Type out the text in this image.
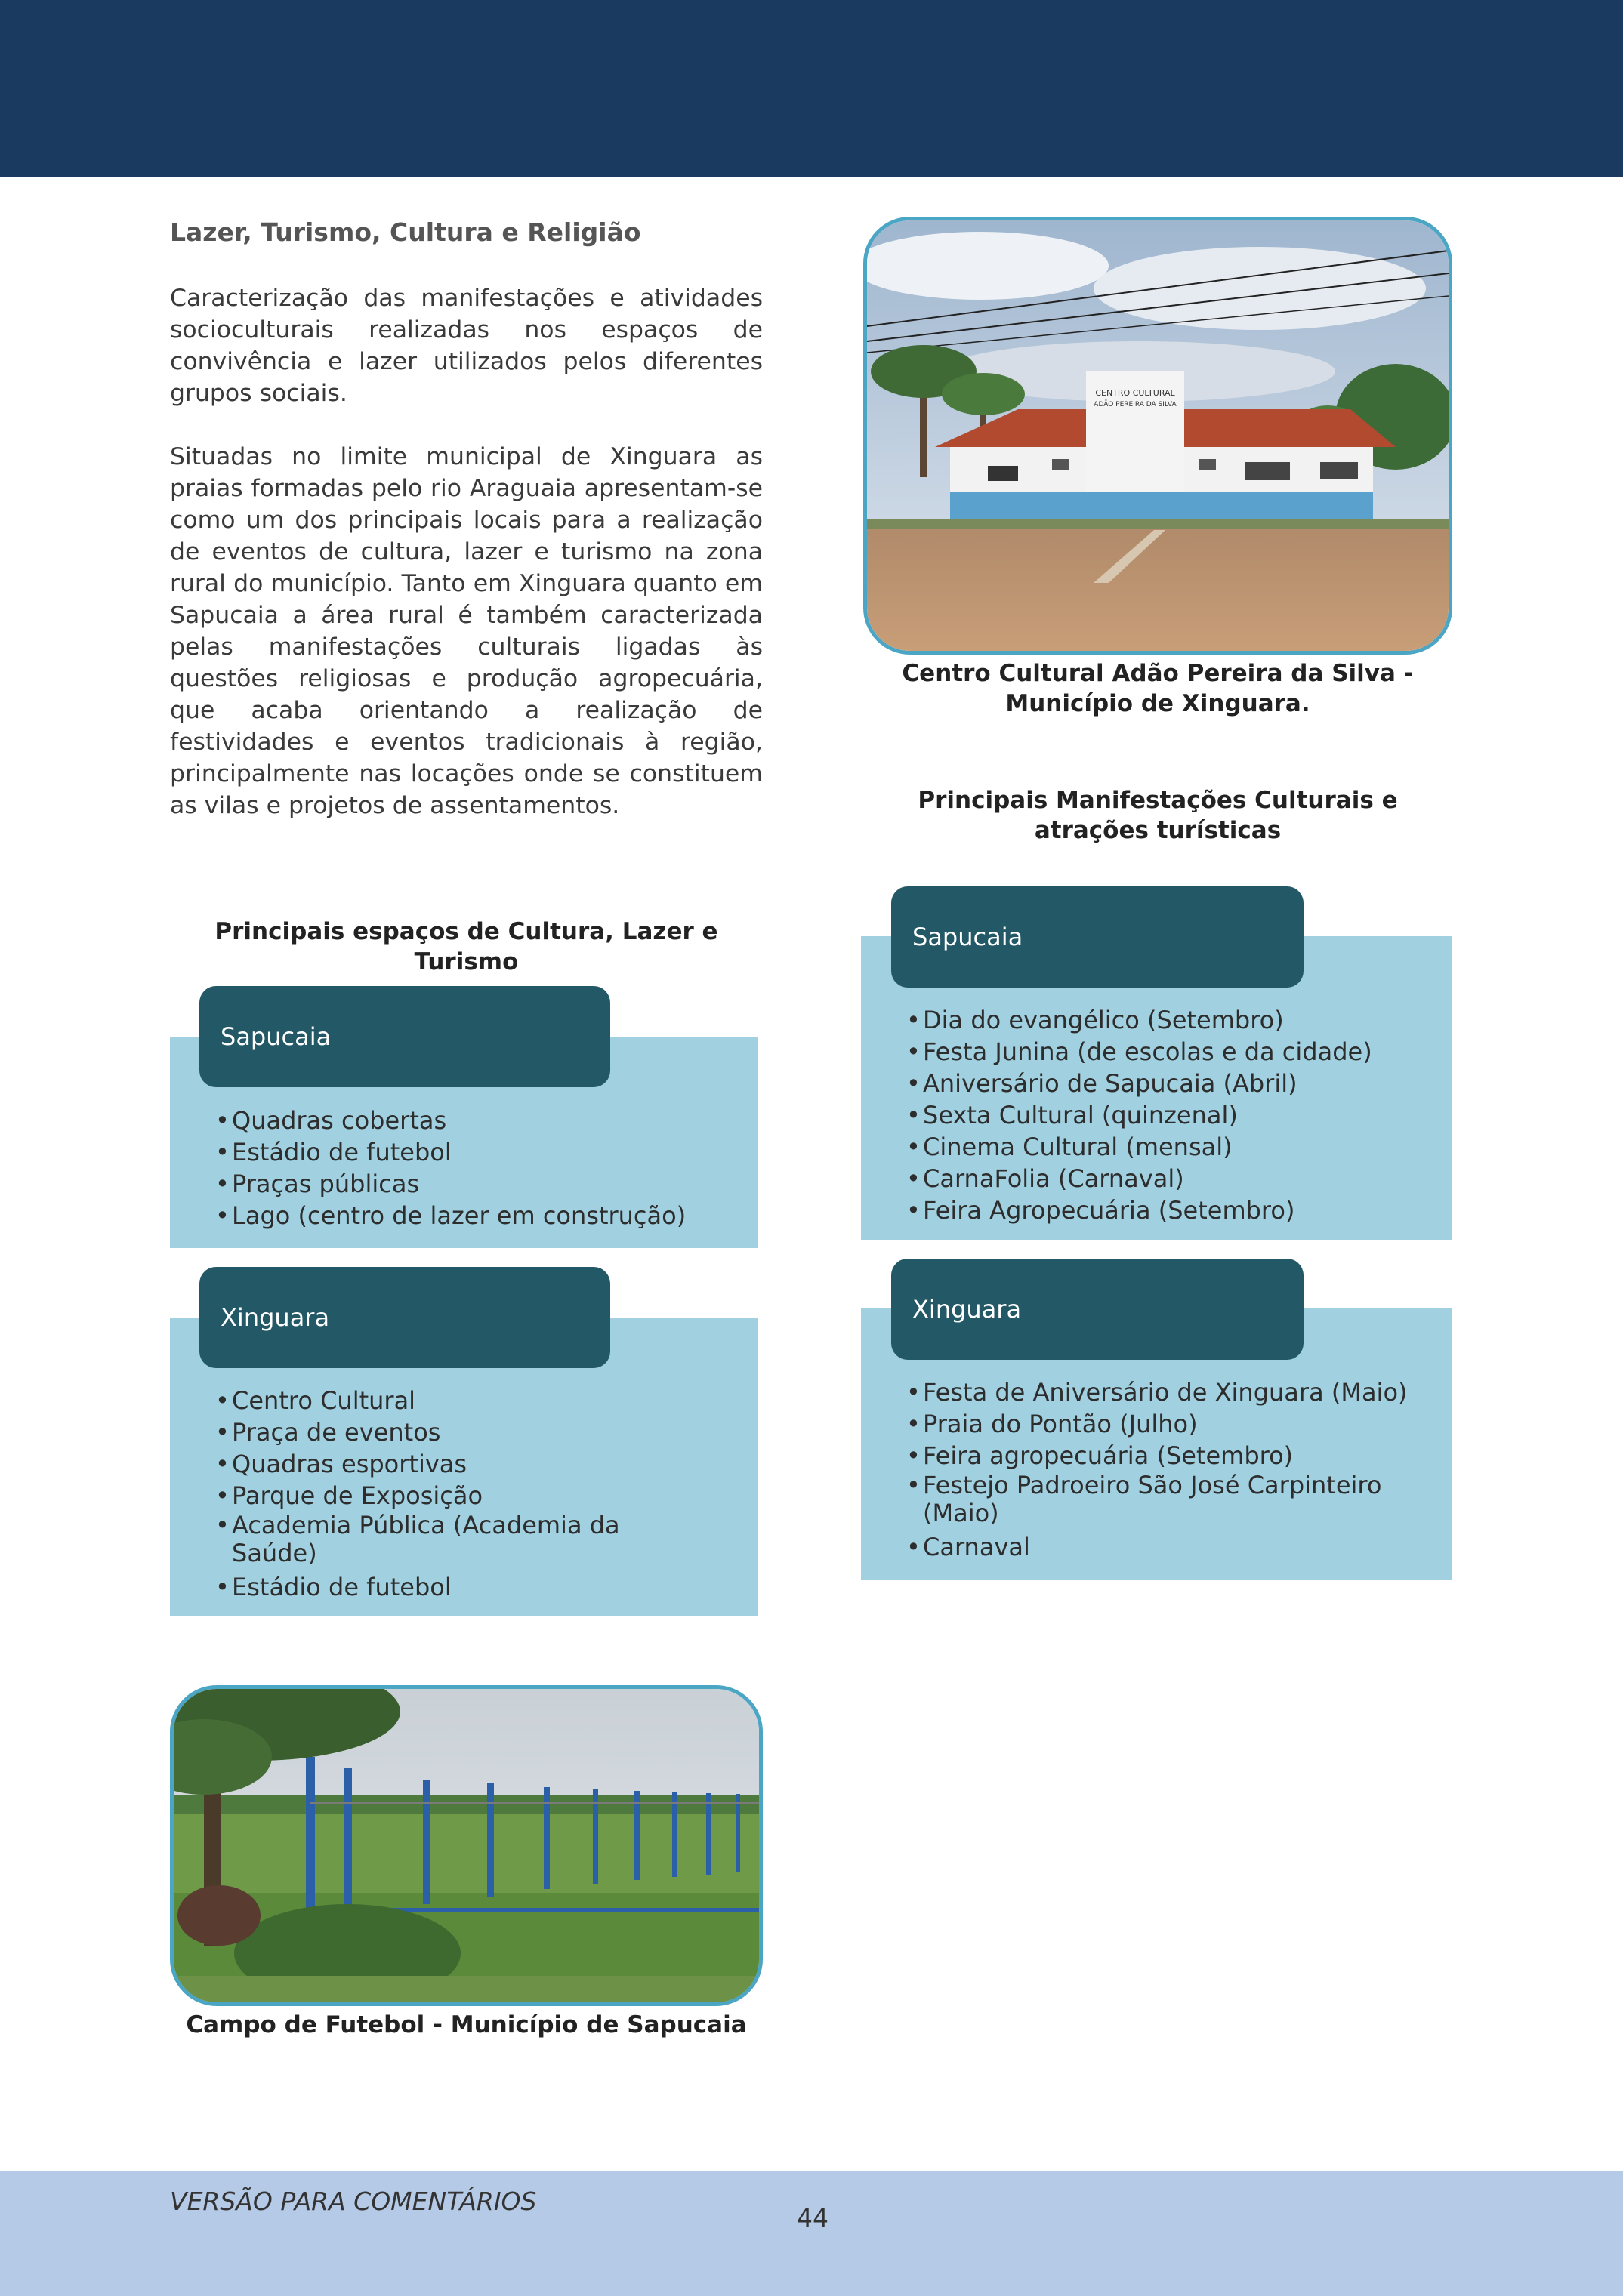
Lazer, Turismo, Cultura e Religião
Caracterização das manifestações e atividades socioculturais realizadas nos espaços de convivência e lazer utilizados pelos diferentes grupos sociais.
Situadas no limite municipal de Xinguara as praias formadas pelo rio Araguaia apresentam-se como um dos principais locais para a realização de eventos de cultura, lazer e turismo na zona rural do município. Tanto em Xinguara quanto em Sapucaia a área rural é também caracterizada pelas manifestações culturais ligadas às questões religiosas e produção agropecuária, que acaba orientando a realização de festividades e eventos tradicionais à região, principalmente nas locações onde se constituem as vilas e projetos de assentamentos.
CENTRO CULTURAL
ADÃO PEREIRA DA SILVA
Centro Cultural Adão Pereira da Silva - Município de Xinguara.
Principais Manifestações Culturais e atrações turísticas
Principais espaços de Cultura, Lazer e Turismo
Sapucaia
• Quadras cobertas
• Estádio de futebol
• Praças públicas
• Lago (centro de lazer em construção)
Xinguara
• Centro Cultural
• Praça de eventos
• Quadras esportivas
• Parque de Exposição
• Academia Pública (Academia da Saúde)
• Estádio de futebol
Sapucaia
• Dia do evangélico (Setembro)
• Festa Junina (de escolas e da cidade)
• Aniversário de Sapucaia (Abril)
• Sexta Cultural (quinzenal)
• Cinema Cultural (mensal)
• CarnaFolia (Carnaval)
• Feira Agropecuária (Setembro)
Xinguara
• Festa de Aniversário de Xinguara (Maio)
• Praia do Pontão (Julho)
• Feira agropecuária (Setembro)
• Festejo Padroeiro São José Carpinteiro (Maio)
• Carnaval
Campo de Futebol - Município de Sapucaia
VERSÃO PARA COMENTÁRIOS
44
